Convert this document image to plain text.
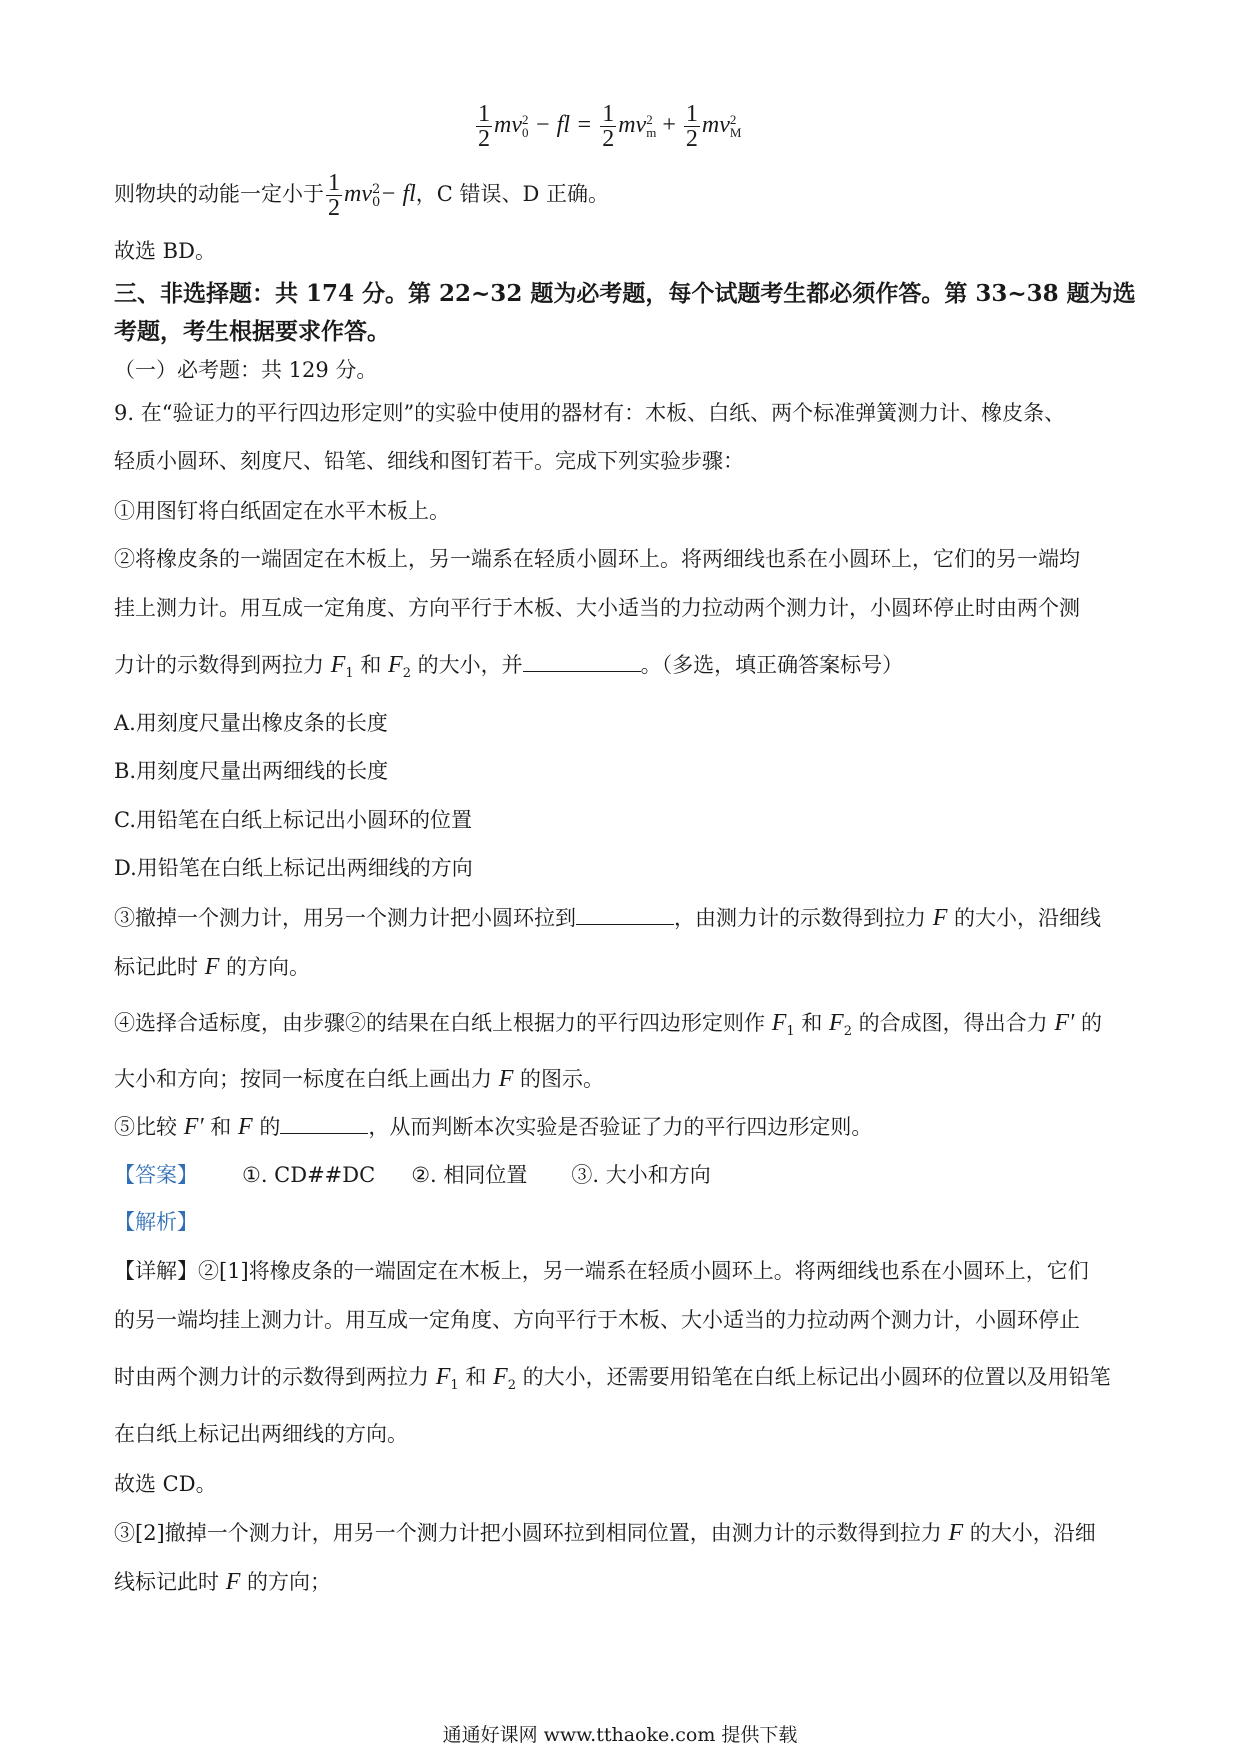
$\frac{1}{2}$ mv 2
0 − fl = $\frac{1}{2}$ mv 2
$m + \frac{1}{2}$ mv 2
M
则物块的动能一定小于 $\frac{1}{2}$ mv 2
0 − fl，C 错误、D 正确。
故选 BD。
三、非选择题：共 174 分。第 22~32 题为必考题，每个试题考生都必须作答。第 33~38 题为选
考题，考生根据要求作答。
（一）必考题：共 129 分。
9. 在“验证力的平行四边形定则”的实验中使用的器材有：木板、白纸、两个标准弹簧测力计、橡皮条、
轻质小圆环、刻度尺、铅笔、细线和图钉若干。完成下列实验步骤：
①用图钉将白纸固定在水平木板上。
②将橡皮条的一端固定在木板上，另一端系在轻质小圆环上。将两细线也系在小圆环上，它们的另一端均
挂上测力计。用互成一定角度、方向平行于木板、大小适当的力拉动两个测力计，小圆环停止时由两个测
力计的示数得到两拉力 $F_1$ 和 $F_2$ 的大小，并	。（多选，填正确答案标号）
A.用刻度尺量出橡皮条的长度
B.用刻度尺量出两细线的长度
C.用铅笔在白纸上标记出小圆环的位置
D.用铅笔在白纸上标记出两细线的方向
③撤掉一个测力计，用另一个测力计把小圆环拉到	，由测力计的示数得到拉力 F 的大小，沿细线
标记此时 F 的方向。
④选择合适标度，由步骤②的结果在白纸上根据力的平行四边形定则作 $F_1$ 和 $F_2$ 的合成图，得出合力 F′ 的
大小和方向；按同一标度在白纸上画出力 F 的图示。
⑤比较 F′ 和 F 的	，从而判断本次实验是否验证了力的平行四边形定则。
【答案】 ①. CD##DC ②. 相同位置 ③. 大小和方向
【解析】
【详解】②[1]将橡皮条的一端固定在木板上，另一端系在轻质小圆环上。将两细线也系在小圆环上，它们
的另一端均挂上测力计。用互成一定角度、方向平行于木板、大小适当的力拉动两个测力计，小圆环停止
时由两个测力计的示数得到两拉力 $F_1$ 和 $F_2$ 的大小，还需要用铅笔在白纸上标记出小圆环的位置以及用铅笔
在白纸上标记出两细线的方向。
故选 CD。
③[2]撤掉一个测力计，用另一个测力计把小圆环拉到相同位置，由测力计的示数得到拉力 F 的大小，沿细
线标记此时 F 的方向；
通通好课网 www.tthaoke.com 提供下载
